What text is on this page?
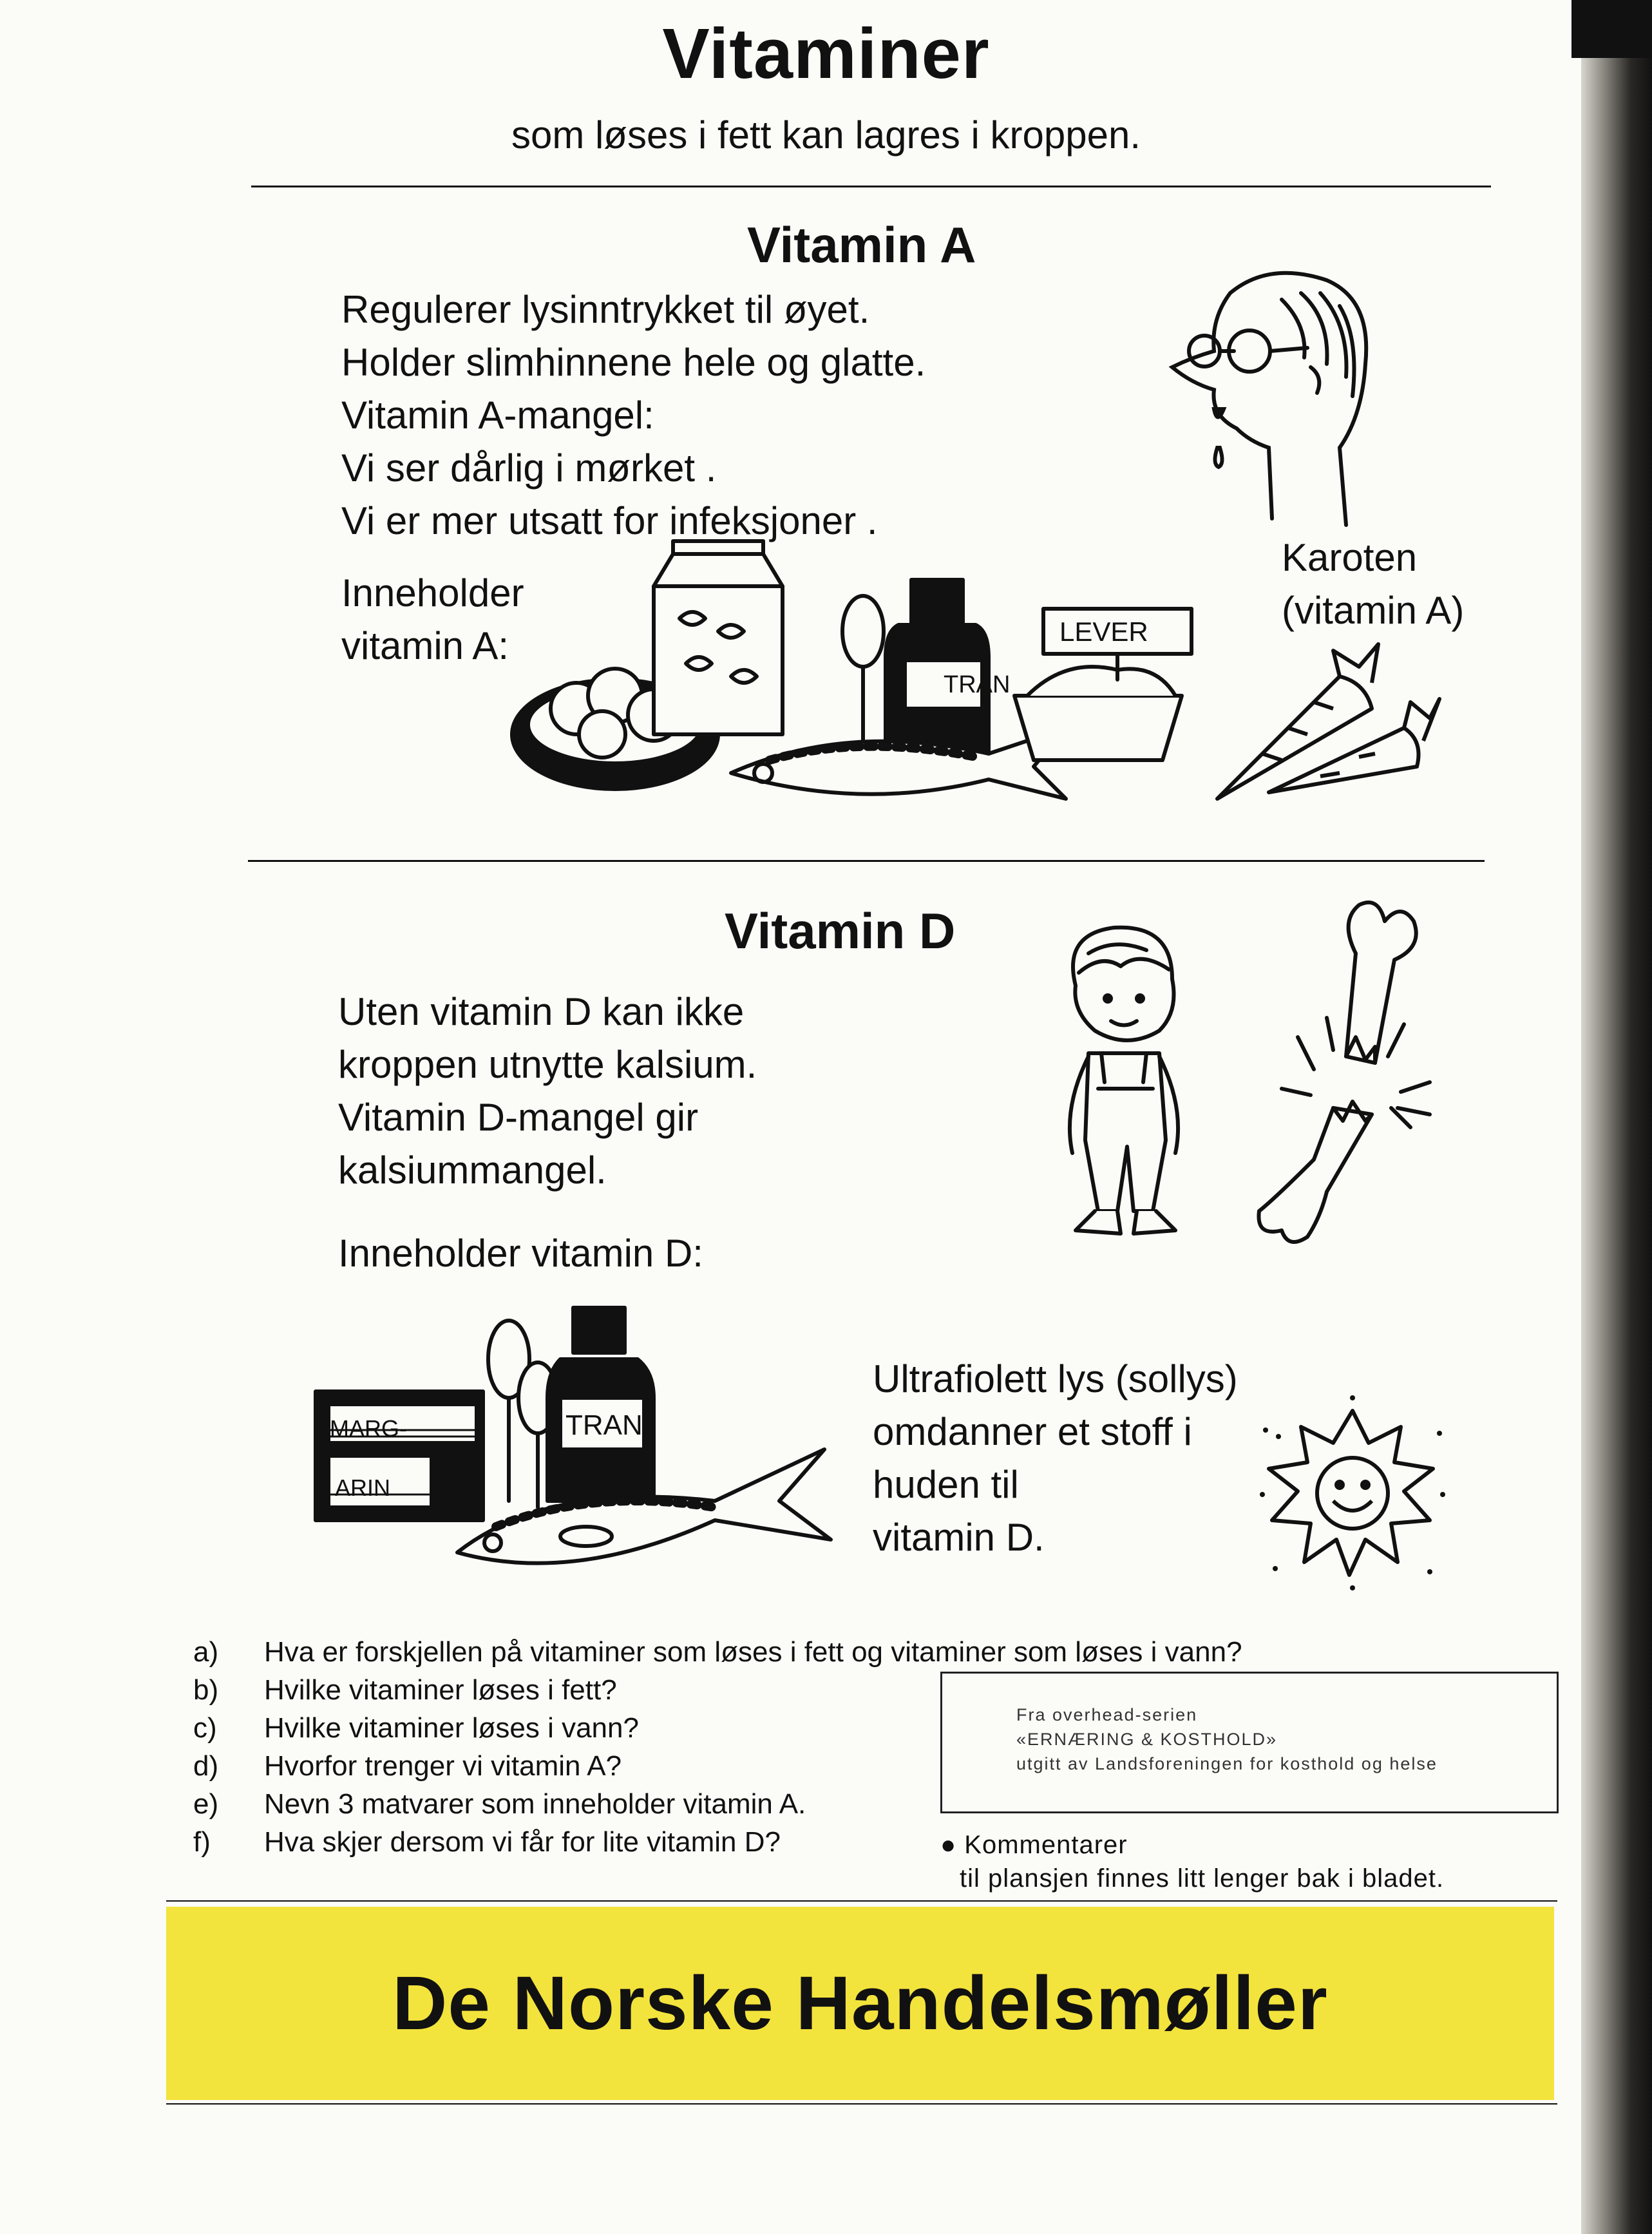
Vitaminer
som løses i fett kan lagres i kroppen.
Vitamin A
Regulerer lysinntrykket til øyet.
Holder slimhinnene hele og glatte.
Vitamin A-mangel:
Vi ser dårlig i mørket .
Vi er mer utsatt for infeksjoner .
Inneholder
vitamin A:
Karoten
(vitamin A)
TRAN
LEVER
Vitamin D
Uten vitamin D kan ikke
kroppen utnytte kalsium.
Vitamin D-mangel gir
kalsiummangel.
Inneholder vitamin D:
MARG-
ARIN
TRAN
Ultrafiolett lys (sollys)
omdanner et stoff i
huden til
vitamin D.
a)	Hva er forskjellen på vitaminer som løses i fett og vitaminer som løses i vann?
b)	Hvilke vitaminer løses i fett?
c)	Hvilke vitaminer løses i vann?
d)	Hvorfor trenger vi vitamin A?
e)	Nevn 3 matvarer som inneholder vitamin A.
f)	Hva skjer dersom vi får for lite vitamin D?
Fra overhead-serien
«ERNÆRING & KOSTHOLD»
utgitt av Landsforeningen for kosthold og helse
● Kommentarer
til plansjen finnes litt lenger bak i bladet.
De Norske Handelsmøller
